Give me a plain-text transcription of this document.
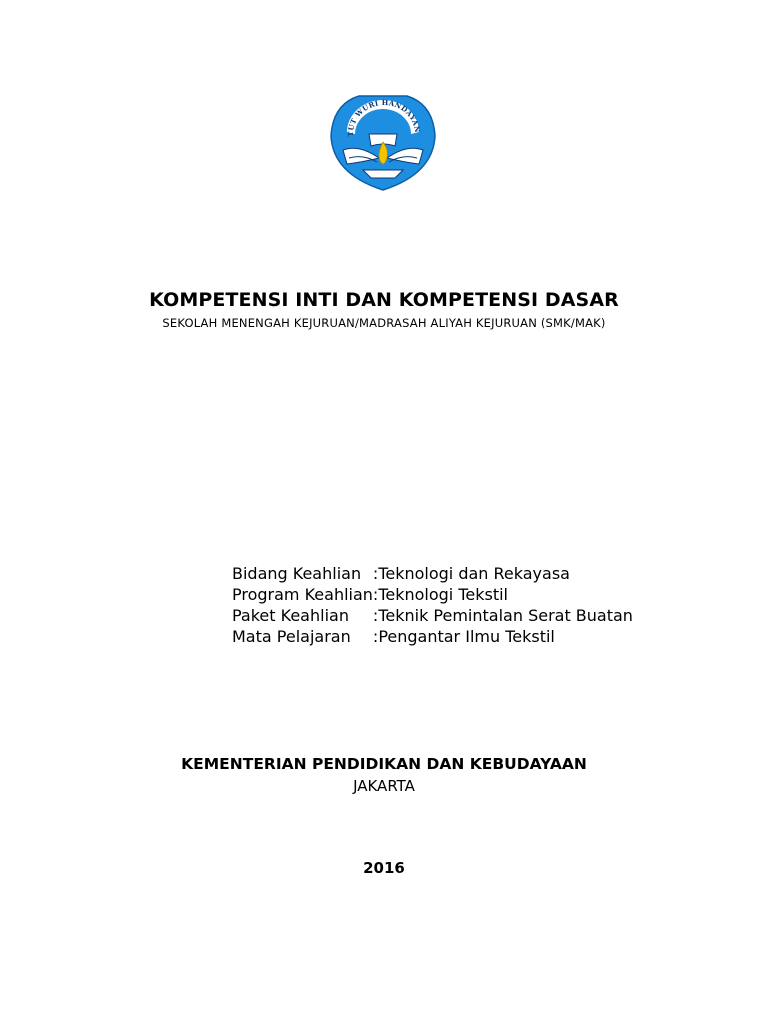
TUT WURI HANDAYAN
KOMPETENSI INTI DAN KOMPETENSI DASAR
SEKOLAH MENENGAH KEJURUAN/MADRASAH ALIYAH KEJURUAN (SMK/MAK)
Bidang Keahlian	:	Teknologi dan Rekayasa
Program Keahlian	:	Teknologi Tekstil
Paket Keahlian	:	Teknik Pemintalan Serat Buatan
Mata Pelajaran	:	Pengantar Ilmu Tekstil
KEMENTERIAN PENDIDIKAN DAN KEBUDAYAAN
JAKARTA
2016
